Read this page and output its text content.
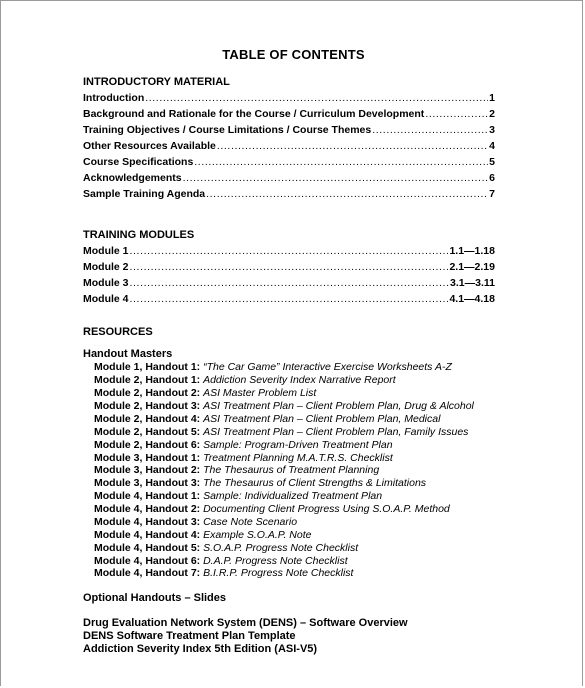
TABLE OF CONTENTS
INTRODUCTORY MATERIAL
Introduction .....	1
Background and Rationale for the Course / Curriculum Development .....	2
Training Objectives / Course Limitations / Course Themes .....	3
Other Resources Available .....	4
Course Specifications .....	5
Acknowledgements .....	6
Sample Training Agenda .....	7
TRAINING MODULES
Module 1 .....	1.1—1.18
Module 2 .....	2.1—2.19
Module 3 .....	3.1—3.11
Module 4 .....	4.1—4.18
RESOURCES
Handout Masters
Module 1, Handout 1: “The Car Game” Interactive Exercise Worksheets A-Z
Module 2, Handout 1: Addiction Severity Index Narrative Report
Module 2, Handout 2: ASI Master Problem List
Module 2, Handout 3: ASI Treatment Plan – Client Problem Plan, Drug & Alcohol
Module 2, Handout 4: ASI Treatment Plan – Client Problem Plan, Medical
Module 2, Handout 5: ASI Treatment Plan – Client Problem Plan, Family Issues
Module 2, Handout 6: Sample: Program-Driven Treatment Plan
Module 3, Handout 1: Treatment Planning M.A.T.R.S. Checklist
Module 3, Handout 2: The Thesaurus of Treatment Planning
Module 3, Handout 3: The Thesaurus of Client Strengths & Limitations
Module 4, Handout 1: Sample: Individualized Treatment Plan
Module 4, Handout 2: Documenting Client Progress Using S.O.A.P. Method
Module 4, Handout 3: Case Note Scenario
Module 4, Handout 4: Example S.O.A.P. Note
Module 4, Handout 5: S.O.A.P. Progress Note Checklist
Module 4, Handout 6: D.A.P. Progress Note Checklist
Module 4, Handout 7: B.I.R.P. Progress Note Checklist
Optional Handouts – Slides
Drug Evaluation Network System (DENS) – Software Overview
DENS Software Treatment Plan Template
Addiction Severity Index 5th Edition (ASI-V5)
